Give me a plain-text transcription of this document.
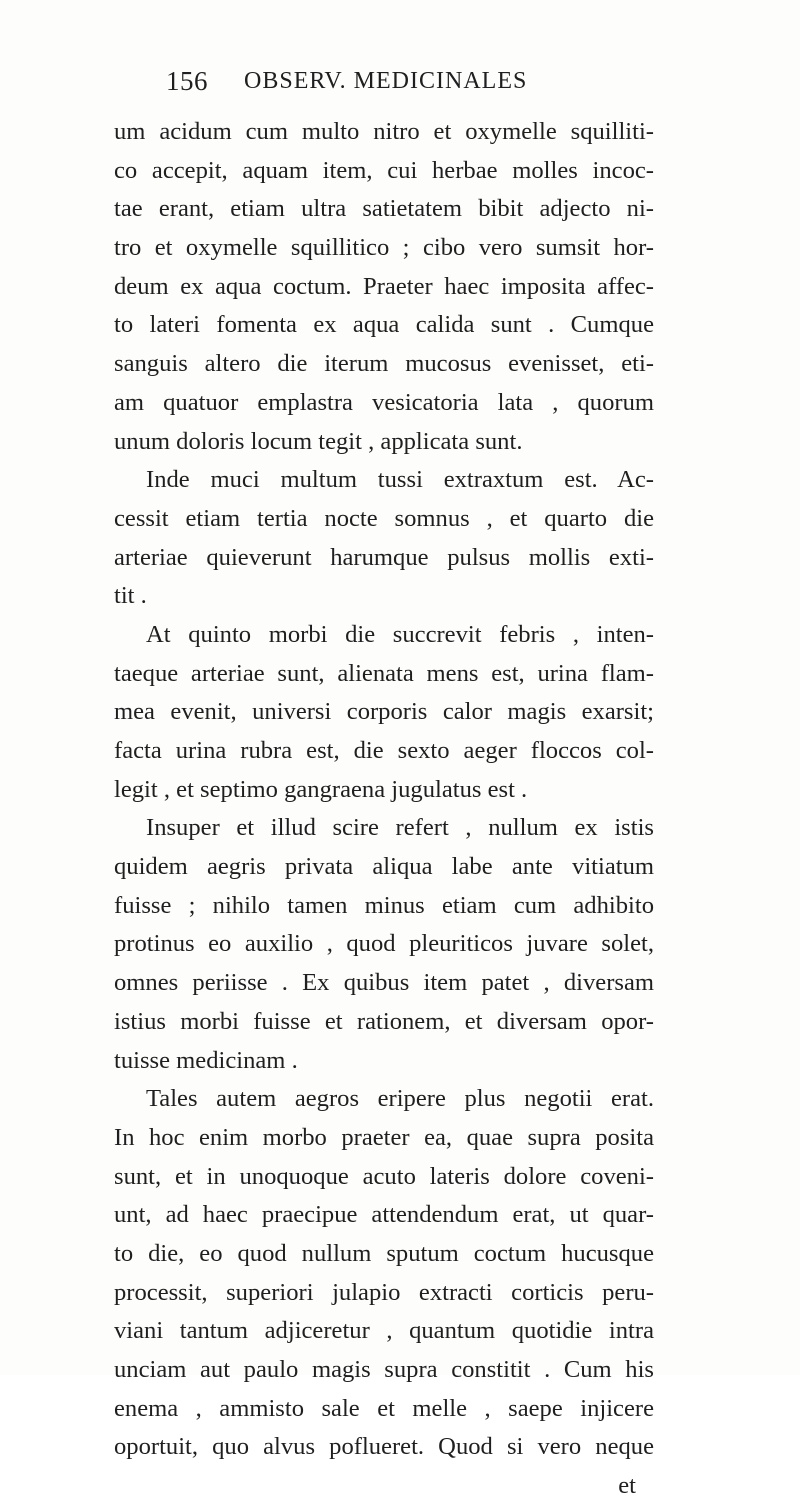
156 OBSERV. MEDICINALES
um acidum cum multo nitro et oxymelle squilliti-
co accepit, aquam item, cui herbae molles incoc-
tae erant, etiam ultra satietatem bibit adjecto ni-
tro et oxymelle squillitico ; cibo vero sumsit hor-
deum ex aqua coctum. Praeter haec imposita affec-
to lateri fomenta ex aqua calida sunt . Cumque
sanguis altero die iterum mucosus evenisset, eti-
am quatuor emplastra vesicatoria lata , quorum
unum doloris locum tegit , applicata sunt.
Inde muci multum tussi extraxtum est. Ac-
cessit etiam tertia nocte somnus , et quarto die
arteriae quieverunt harumque pulsus mollis exti-
tit .
At quinto morbi die succrevit febris , inten-
taeque arteriae sunt, alienata mens est, urina flam-
mea evenit, universi corporis calor magis exarsit;
facta urina rubra est, die sexto aeger floccos col-
legit , et septimo gangraena jugulatus est .
Insuper et illud scire refert , nullum ex istis
quidem aegris privata aliqua labe ante vitiatum
fuisse ; nihilo tamen minus etiam cum adhibito
protinus eo auxilio , quod pleuriticos juvare solet,
omnes periisse . Ex quibus item patet , diversam
istius morbi fuisse et rationem, et diversam opor-
tuisse medicinam .
Tales autem aegros eripere plus negotii erat.
In hoc enim morbo praeter ea, quae supra posita
sunt, et in unoquoque acuto lateris dolore coveni-
unt, ad haec praecipue attendendum erat, ut quar-
to die, eo quod nullum sputum coctum hucusque
processit, superiori julapio extracti corticis peru-
viani tantum adjiceretur , quantum quotidie intra
unciam aut paulo magis supra constitit . Cum his
enema , ammisto sale et melle , saepe injicere
oportuit, quo alvus poflueret. Quod si vero neque
et
